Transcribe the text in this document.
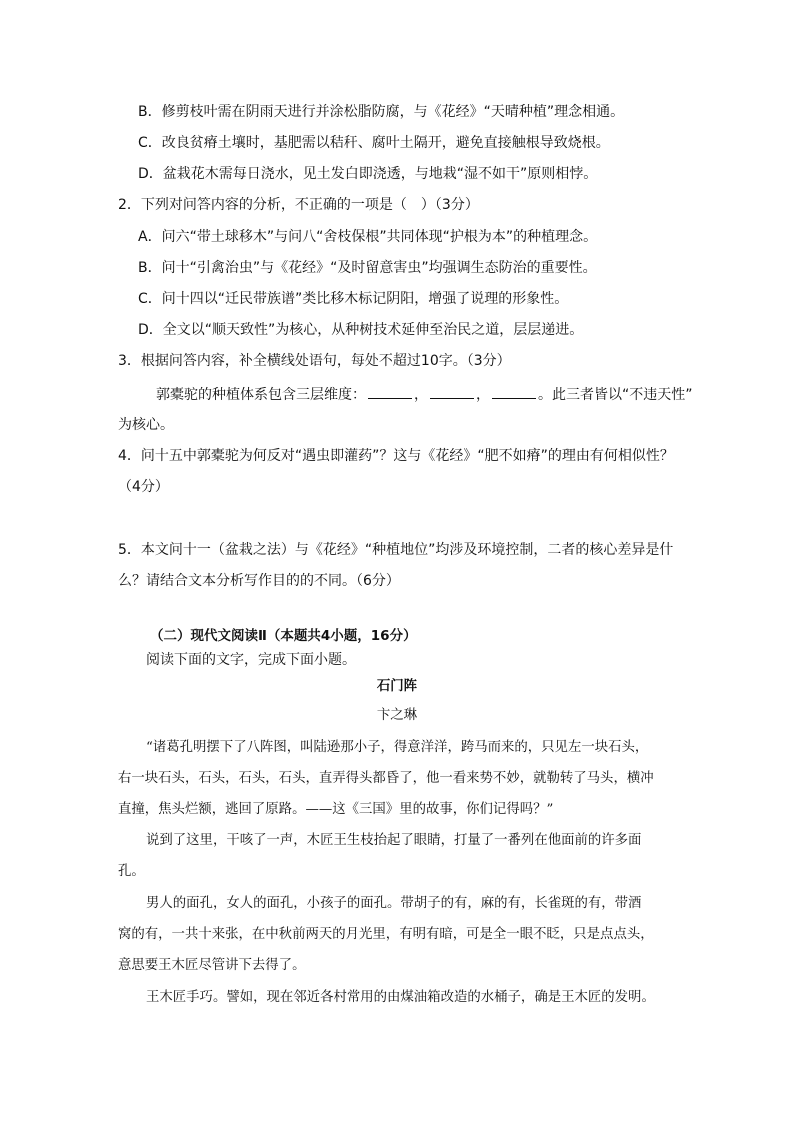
B．修剪枝叶需在阴雨天进行并涂松脂防腐，与《花经》“天晴种植”理念相通。
C．改良贫瘠土壤时，基肥需以秸秆、腐叶土隔开，避免直接触根导致烧根。
D．盆栽花木需每日浇水，见土发白即浇透，与地栽“湿不如干”原则相悖。
2．下列对问答内容的分析，不正确的一项是（　）（3分）
A．问六“带土球移木”与问八“舍枝保根”共同体现“护根为本”的种植理念。
B．问十“引禽治虫”与《花经》“及时留意害虫”均强调生态防治的重要性。
C．问十四以“迁民带族谱”类比移木标记阴阳，增强了说理的形象性。
D．全文以“顺天致性”为核心，从种树技术延伸至治民之道，层层递进。
3．根据问答内容，补全横线处语句，每处不超过10字。（3分）
郭橐驼的种植体系包含三层维度：	，	，	。此三者皆以“不违天性”
为核心。
4．问十五中郭橐驼为何反对“遇虫即灌药”？这与《花经》“肥不如瘠”的理由有何相似性？
（4分）
5．本文问十一（盆栽之法）与《花经》“种植地位”均涉及环境控制，二者的核心差异是什
么？请结合文本分析写作目的的不同。（6分）
（二）现代文阅读Ⅱ（本题共4小题，16分）
阅读下面的文字，完成下面小题。
石门阵
卞之琳
“诸葛孔明摆下了八阵图，叫陆逊那小子，得意洋洋，跨马而来的，只见左一块石头，
右一块石头，石头，石头，石头，直弄得头都昏了，他一看来势不妙，就勒转了马头，横冲
直撞，焦头烂额，逃回了原路。——这《三国》里的故事，你们记得吗？”
说到了这里，干咳了一声，木匠王生枝抬起了眼睛，打量了一番列在他面前的许多面
孔。
男人的面孔，女人的面孔，小孩子的面孔。带胡子的有，麻的有，长雀斑的有，带酒
窝的有，一共十来张，在中秋前两天的月光里，有明有暗，可是全一眼不眨，只是点点头，
意思要王木匠尽管讲下去得了。
王木匠手巧。譬如，现在邻近各村常用的由煤油箱改造的水桶子，确是王木匠的发明。
